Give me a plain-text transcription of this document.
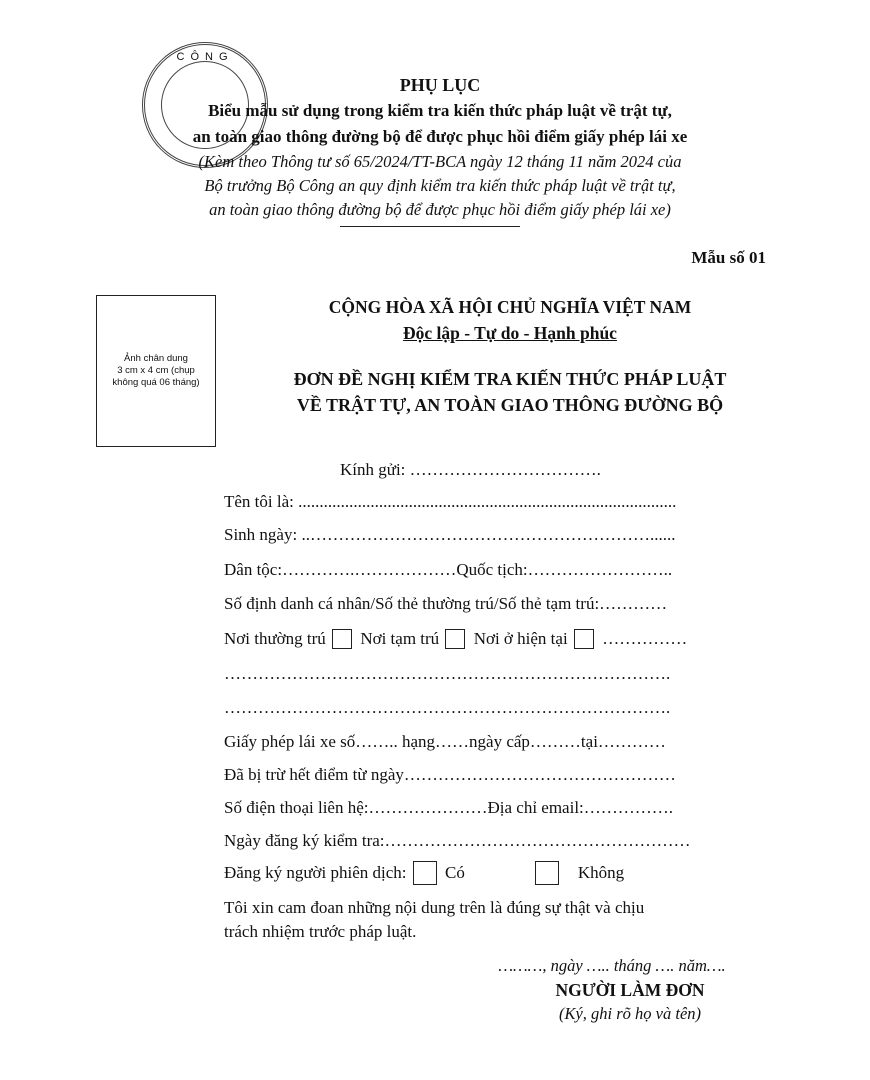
CÔNG
PHỤ LỤC
Biểu mẫu sử dụng trong kiểm tra kiến thức pháp luật về trật tự,
an toàn giao thông đường bộ để được phục hồi điểm giấy phép lái xe
(Kèm theo Thông tư số 65/2024/TT-BCA ngày 12 tháng 11 năm 2024 của
Bộ trưởng Bộ Công an quy định kiểm tra kiến thức pháp luật về trật tự,
an toàn giao thông đường bộ để được phục hồi điểm giấy phép lái xe)
Mẫu số 01
Ảnh chân dung
3 cm x 4 cm (chụp
không quá 06 tháng)
CỘNG HÒA XÃ HỘI CHỦ NGHĨA VIỆT NAM
Độc lập - Tự do - Hạnh phúc
ĐƠN ĐỀ NGHỊ KIỂM TRA KIẾN THỨC PHÁP LUẬT
VỀ TRẬT TỰ, AN TOÀN GIAO THÔNG ĐƯỜNG BỘ
Kính gửi: …………………………….
Tên tôi là: .........................................................................................
Sinh ngày: ..……………………………………………………......
Dân tộc:………….………………Quốc tịch:……………………..
Số định danh cá nhân/Số thẻ thường trú/Số thẻ tạm trú:…………
Nơi thường trú Nơi tạm trú Nơi ở hiện tại ……………
…………………………………………………………………….
…………………………………………………………………….
Giấy phép lái xe số…….. hạng……ngày cấp………tại…………
Đã bị trừ hết điểm từ ngày…………………………………………
Số điện thoại liên hệ:…………………Địa chỉ email:…………….
Ngày đăng ký kiểm tra:………………………………………………
Đăng ký người phiên dịch: Có	Không
Tôi xin cam đoan những nội dung trên là đúng sự thật và chịu
trách nhiệm trước pháp luật.
………, ngày ….. tháng …. năm….
NGƯỜI LÀM ĐƠN
(Ký, ghi rõ họ và tên)
